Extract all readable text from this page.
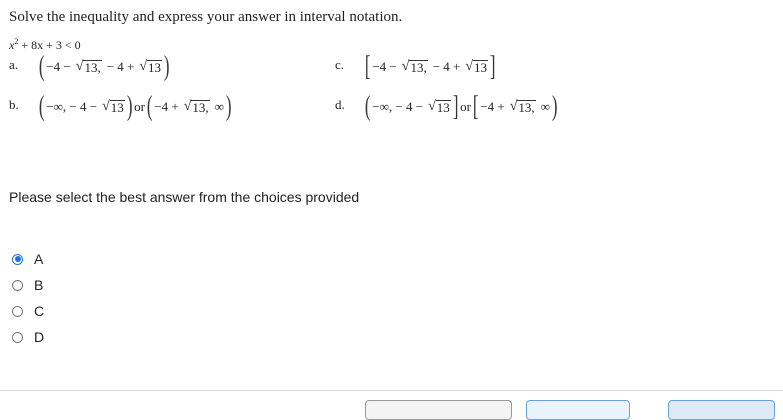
Solve the inequality and express your answer in interval notation.
$x^2 + 8x + 3 < 0$
a. ( −4 − √ 13, − 4 + √ 13 )	c. [ −4 − √ 13, − 4 + √ 13 ]
b. ( −∞, − 4 − √ 13 ) or ( −4 + √ 13, ∞ )	d. ( −∞, − 4 − √ 13 ] or [ −4 + √ 13, ∞ )
Please select the best answer from the choices provided
A
B
C
D
